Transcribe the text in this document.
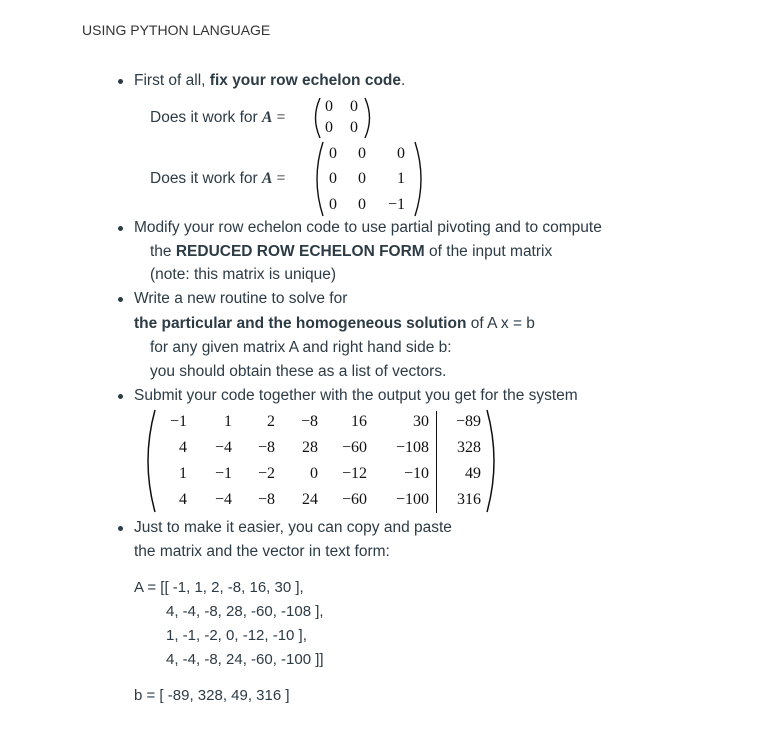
USING PYTHON LANGUAGE
First of all, fix your row echelon code.
Does it work for A =
0	0
0	0
Does it work for A =
0	0	0
0	0	1
0	0	−1
Modify your row echelon code to use partial pivoting and to compute
the REDUCED ROW ECHELON FORM of the input matrix
(note: this matrix is unique)
Write a new routine to solve for
the particular and the homogeneous solution of A x = b
for any given matrix A and right hand side b:
you should obtain these as a list of vectors.
Submit your code together with the output you get for the system
−1	1	2	−8	16	30	−89
4	−4	−8	28	−60	−108	328
1	−1	−2	0	−12	−10	49
4	−4	−8	24	−60	−100	316
Just to make it easier, you can copy and paste
the matrix and the vector in text form:
A = [[ -1, 1, 2, -8, 16, 30 ],
4, -4, -8, 28, -60, -108 ],
1, -1, -2, 0, -12, -10 ],
4, -4, -8, 24, -60, -100 ]]
b = [ -89, 328, 49, 316 ]
